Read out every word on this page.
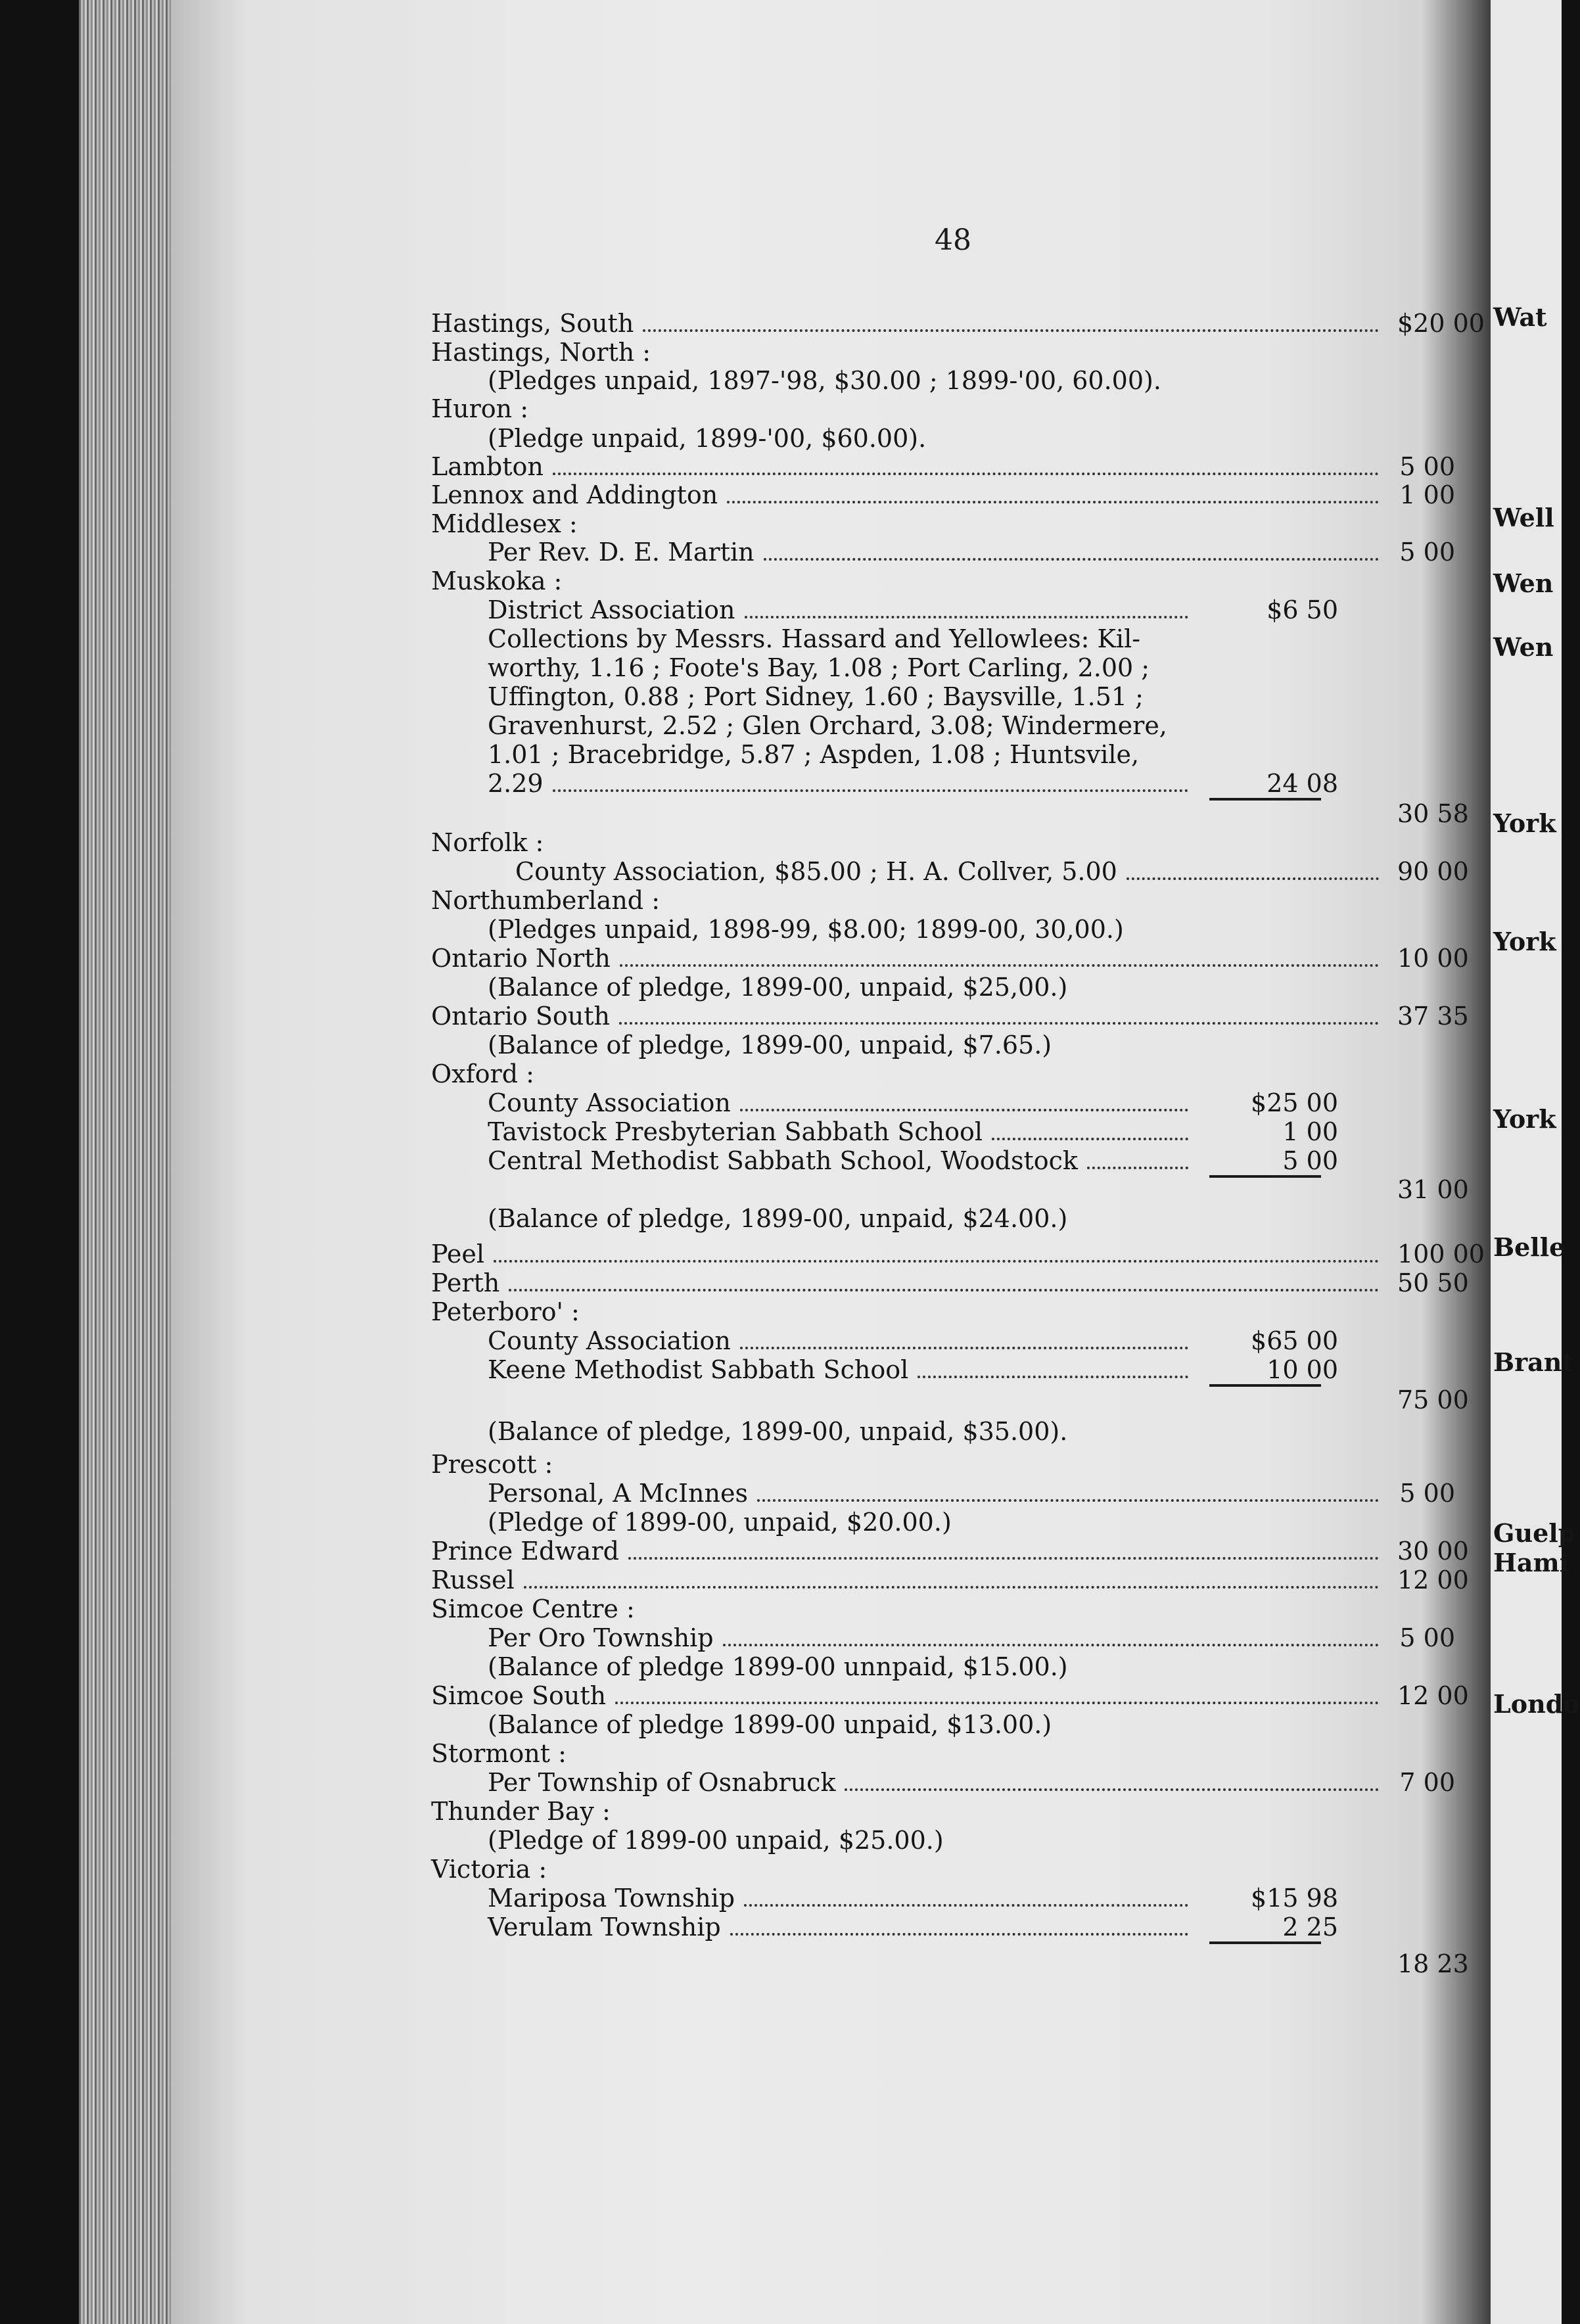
Wat
Well
Wen
Wen
York
York
York
Belle
Brant
Guelp
Hami
Londo
48
Hastings, South	$20 00
Hastings, North :
(Pledges unpaid, 1897-'98, $30.00 ; 1899-'00, 60.00).
Huron :
(Pledge unpaid, 1899-'00, $60.00).
Lambton	5 00
Lennox and Addington	1 00
Middlesex :
Per Rev. D. E. Martin	5 00
Muskoka :
District Association	$6 50
Collections by Messrs. Hassard and Yellowlees: Kil-
worthy, 1.16 ; Foote's Bay, 1.08 ; Port Carling, 2.00 ;
Uffington, 0.88 ; Port Sidney, 1.60 ; Baysville, 1.51 ;
Gravenhurst, 2.52 ; Glen Orchard, 3.08; Windermere,
1.01 ; Bracebridge, 5.87 ; Aspden, 1.08 ; Huntsvile,
2.29	24 08
30 58
Norfolk :
County Association, $85.00 ; H. A. Collver, 5.00	90 00
Northumberland :
(Pledges unpaid, 1898-99, $8.00; 1899-00, 30,00.)
Ontario North	10 00
(Balance of pledge, 1899-00, unpaid, $25,00.)
Ontario South	37 35
(Balance of pledge, 1899-00, unpaid, $7.65.)
Oxford :
County Association	$25 00
Tavistock Presbyterian Sabbath School	1 00
Central Methodist Sabbath School, Woodstock	5 00
31 00
(Balance of pledge, 1899-00, unpaid, $24.00.)
Peel	100 00
Perth	50 50
Peterboro' :
County Association	$65 00
Keene Methodist Sabbath School	10 00
75 00
(Balance of pledge, 1899-00, unpaid, $35.00).
Prescott :
Personal, A McInnes	5 00
(Pledge of 1899-00, unpaid, $20.00.)
Prince Edward	30 00
Russel	12 00
Simcoe Centre :
Per Oro Township	5 00
(Balance of pledge 1899-00 unnpaid, $15.00.)
Simcoe South	12 00
(Balance of pledge 1899-00 unpaid, $13.00.)
Stormont :
Per Township of Osnabruck	7 00
Thunder Bay :
(Pledge of 1899-00 unpaid, $25.00.)
Victoria :
Mariposa Township	$15 98
Verulam Township	2 25
18 23
